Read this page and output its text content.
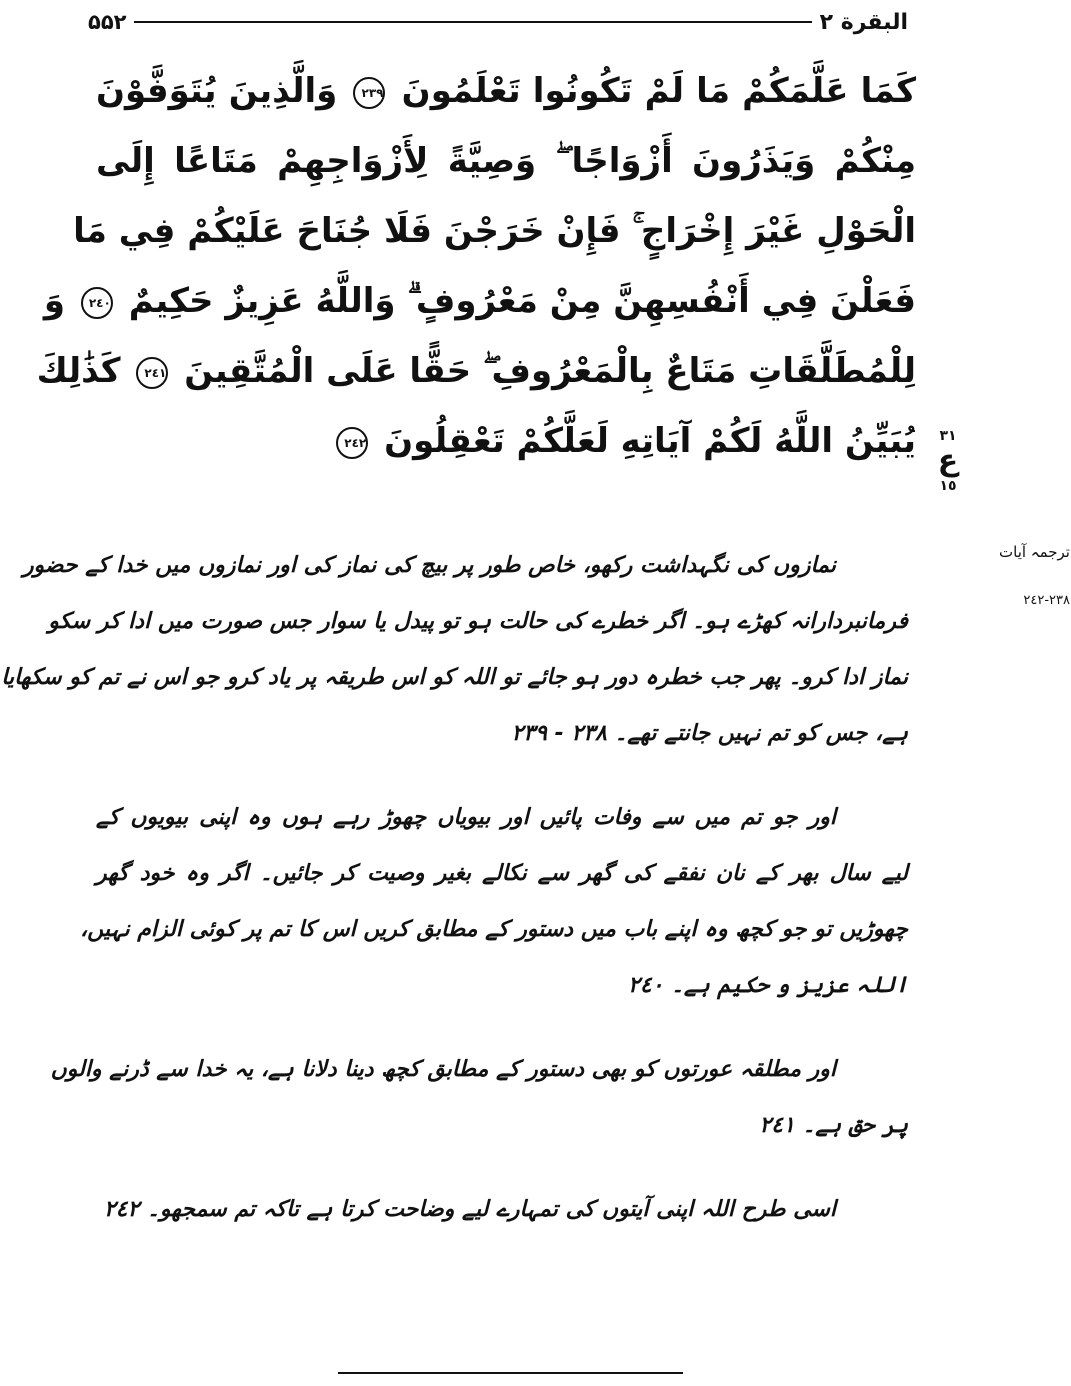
۵۵۲	البقرة ٢
كَمَا عَلَّمَكُمْ مَا لَمْ تَكُونُوا تَعْلَمُونَ ٢٣٩ وَالَّذِينَ يُتَوَفَّوْنَ
مِنْكُمْ وَيَذَرُونَ أَزْوَاجًا ۖ وَصِيَّةً لِأَزْوَاجِهِمْ مَتَاعًا إِلَى
الْحَوْلِ غَيْرَ إِخْرَاجٍ ۚ فَإِنْ خَرَجْنَ فَلَا جُنَاحَ عَلَيْكُمْ فِي مَا
فَعَلْنَ فِي أَنْفُسِهِنَّ مِنْ مَعْرُوفٍ ۗ وَاللَّهُ عَزِيزٌ حَكِيمٌ ٢٤٠ وَ
لِلْمُطَلَّقَاتِ مَتَاعٌ بِالْمَعْرُوفِ ۖ حَقًّا عَلَى الْمُتَّقِينَ ٢٤١ كَذَٰلِكَ
يُبَيِّنُ اللَّهُ لَكُمْ آيَاتِهِ لَعَلَّكُمْ تَعْقِلُونَ ٢٤٢	٣١
ع
١٥
ترجمہ آیات
٢٣٨-٢٤٢
نمازوں کی نگہداشت رکھو، خاص طور پر بیچ کی نماز کی اور نمازوں میں خدا کے حضور
فرمانبردارانہ کھڑے ہو۔ اگر خطرے کی حالت ہو تو پیدل یا سوار جس صورت میں ادا کر سکو
نماز ادا کرو۔ پھر جب خطرہ دور ہو جائے تو اللہ کو اس طریقہ پر یاد کرو جو اس نے تم کو سکھایا
ہے، جس کو تم نہیں جانتے تھے۔ ٢٣٨ - ٢٣٩
اور جو تم میں سے وفات پائیں اور بیویاں چھوڑ رہے ہوں وہ اپنی بیویوں کے
لیے سال بھر کے نان نفقے کی گھر سے نکالے بغیر وصیت کر جائیں۔ اگر وہ خود گھر
چھوڑیں تو جو کچھ وہ اپنے باب میں دستور کے مطابق کریں اس کا تم پر کوئی الزام نہیں،
اللہ عزیز و حکیم ہے۔ ٢٤٠
اور مطلقہ عورتوں کو بھی دستور کے مطابق کچھ دینا دلانا ہے، یہ خدا سے ڈرنے والوں
پر حق ہے۔ ٢٤١
اسی طرح اللہ اپنی آیتوں کی تمہارے لیے وضاحت کرتا ہے تاکہ تم سمجھو۔ ٢٤٢
